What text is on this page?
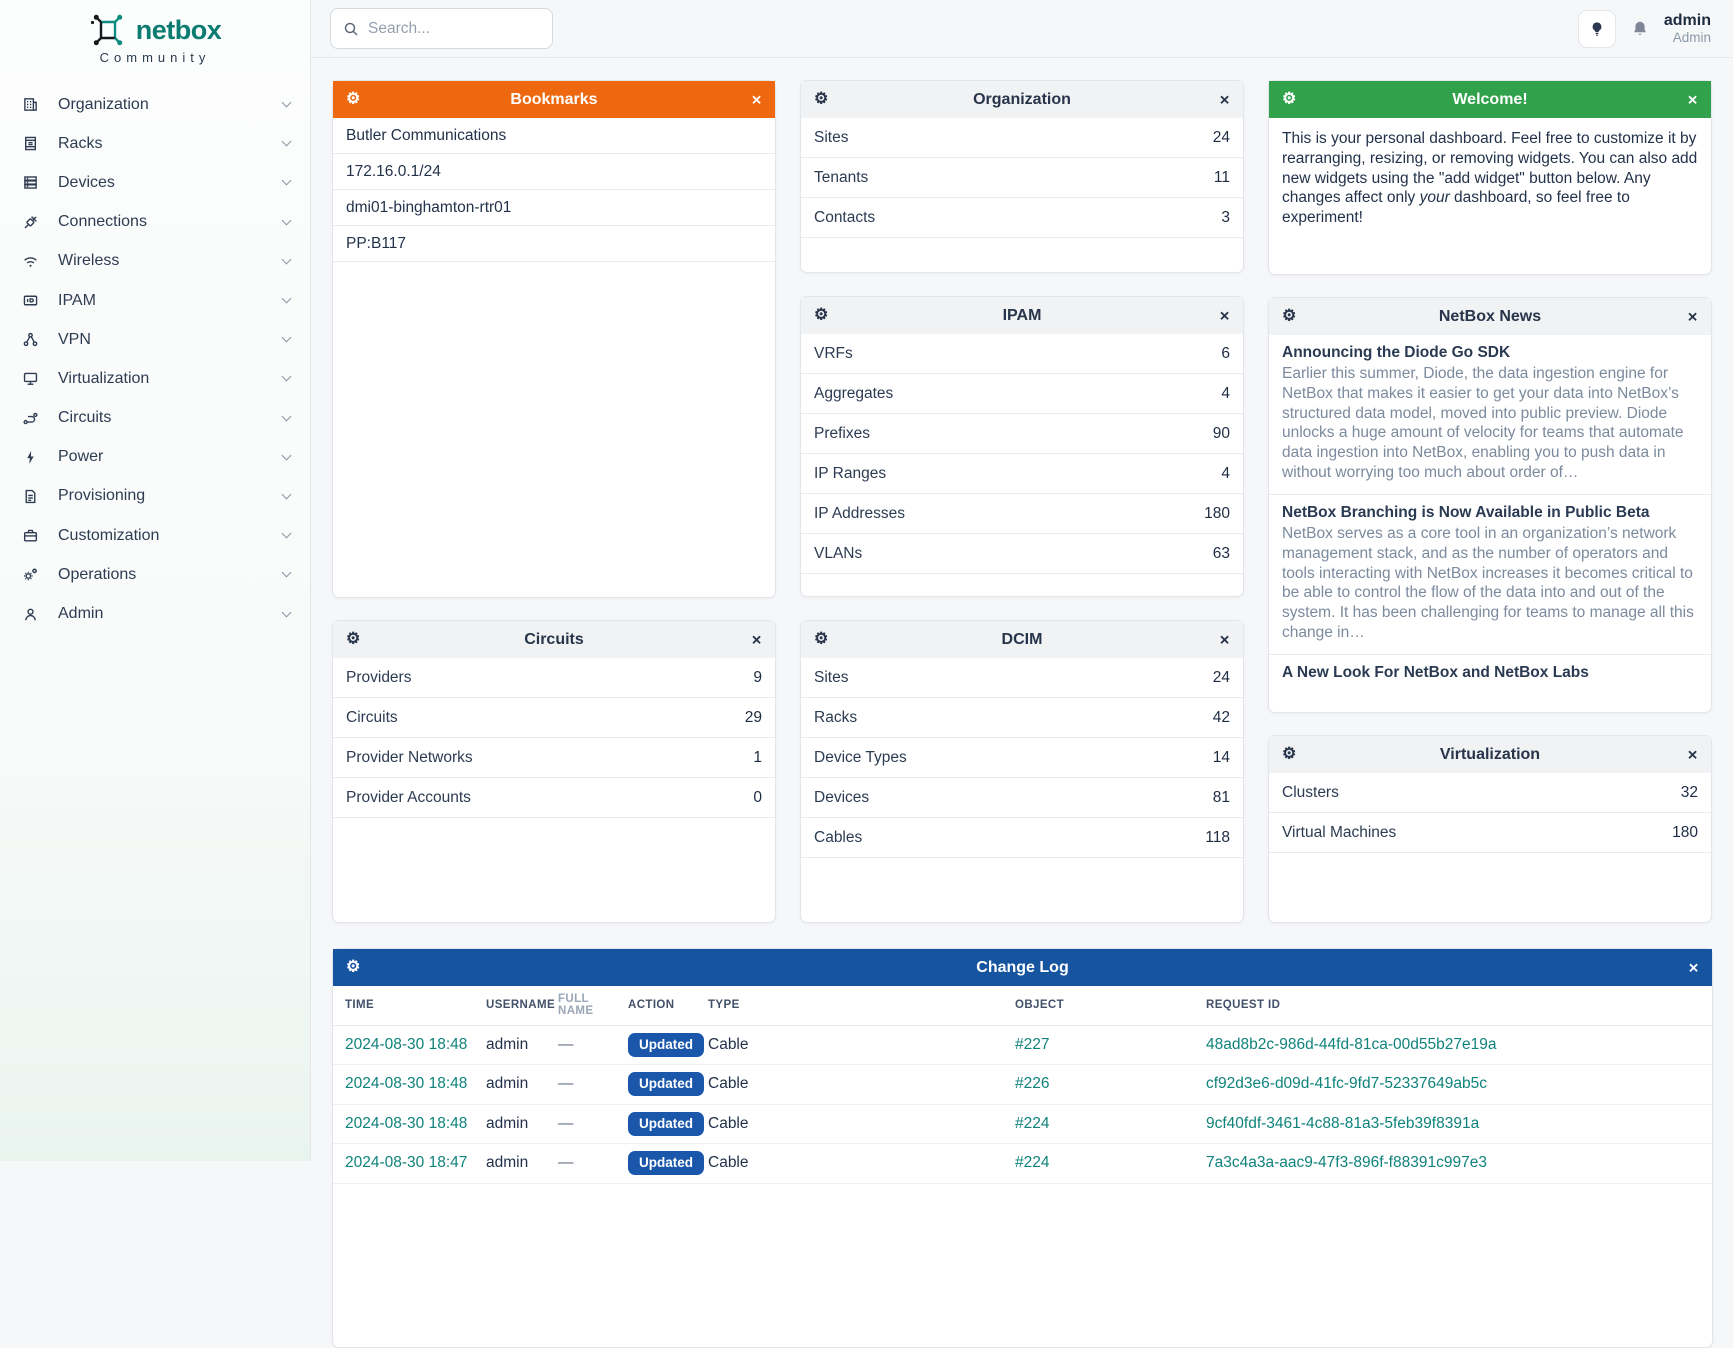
netbox
Community
Organization
Racks
Devices
Connections
Wireless
IPAM
VPN
Virtualization
Circuits
Power
Provisioning
Customization
Operations
Admin
Search...
admin
Admin
⚙	Bookmarks	✕
Butler Communications
172.16.0.1/24
dmi01-binghamton-rtr01
PP:B117
⚙	Circuits	✕
Providers	9
Circuits	29
Provider Networks	1
Provider Accounts	0
⚙	Organization	✕
Sites	24
Tenants	11
Contacts	3
⚙	IPAM	✕
VRFs	6
Aggregates	4
Prefixes	90
IP Ranges	4
IP Addresses	180
VLANs	63
⚙	DCIM	✕
Sites	24
Racks	42
Device Types	14
Devices	81
Cables	118
⚙	Welcome!	✕
This is your personal dashboard. Feel free to customize it by rearranging, resizing, or removing widgets. You can also add new widgets using the "add widget" button below. Any changes affect only your dashboard, so feel free to experiment!
⚙	NetBox News	✕
Announcing the Diode Go SDK
Earlier this summer, Diode, the data ingestion engine for NetBox that makes it easier to get your data into NetBox’s structured data model, moved into public preview. Diode unlocks a huge amount of velocity for teams that automate data ingestion into NetBox, enabling you to push data in without worrying too much about order of…
NetBox Branching is Now Available in Public Beta
NetBox serves as a core tool in an organization’s network management stack, and as the number of operators and tools interacting with NetBox increases it becomes critical to be able to control the flow of the data into and out of the system. It has been challenging for teams to manage all this change in…
A New Look For NetBox and NetBox Labs
⚙	Virtualization	✕
Clusters	32
Virtual Machines	180
⚙	Change Log	✕
TIME	USERNAME	FULL NAME	ACTION	TYPE	OBJECT	REQUEST ID
2024-08-30 18:48	admin	—	Updated	Cable	#227	48ad8b2c-986d-44fd-81ca-00d55b27e19a
2024-08-30 18:48	admin	—	Updated	Cable	#226	cf92d3e6-d09d-41fc-9fd7-52337649ab5c
2024-08-30 18:48	admin	—	Updated	Cable	#224	9cf40fdf-3461-4c88-81a3-5feb39f8391a
2024-08-30 18:47	admin	—	Updated	Cable	#224	7a3c4a3a-aac9-47f3-896f-f88391c997e3
